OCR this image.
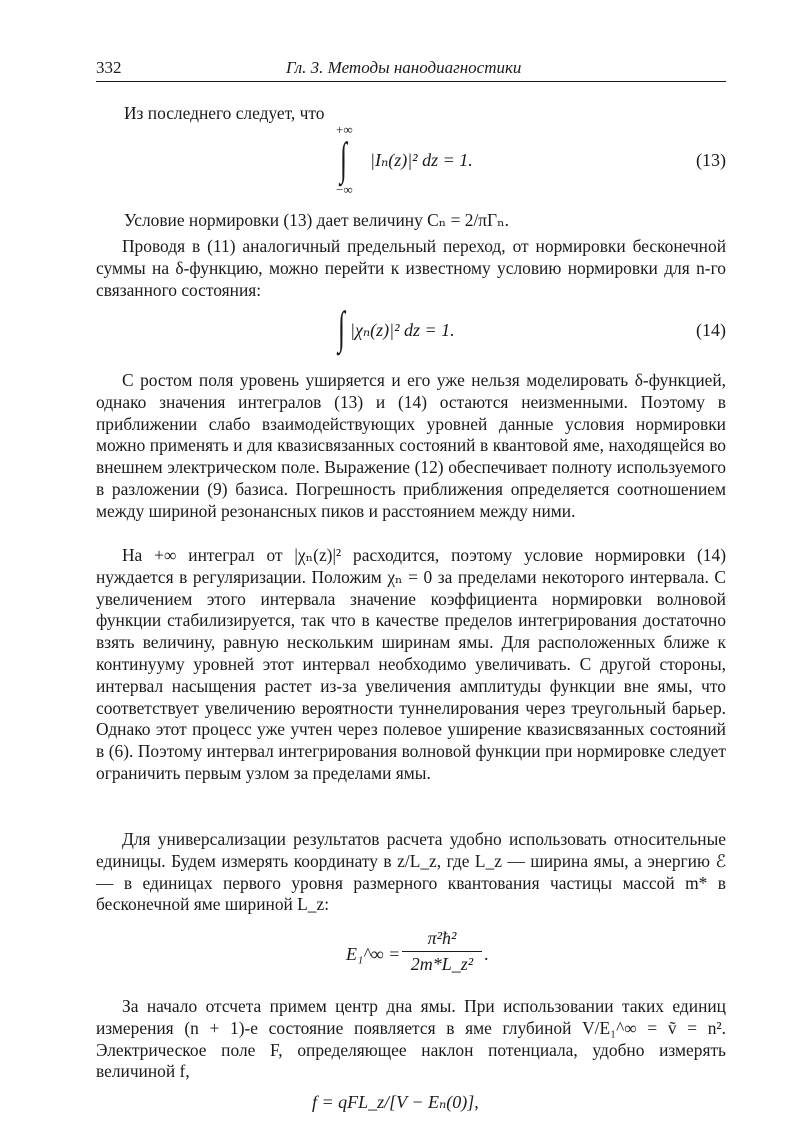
332	Гл. 3. Методы нанодиагностики

Из последнего следует, что

+∞
∫
−∞
|Iₙ(z)|² dz = 1.	(13)

Условие нормировки (13) дает величину Cₙ = 2/πΓₙ.

Проводя в (11) аналогичный предельный переход, от нормировки бесконечной суммы на δ-функцию, можно перейти к известному условию нормировки для n-го связанного состояния:

∫ |χₙ(z)|² dz = 1.	(14)

С ростом поля уровень уширяется и его уже нельзя моделировать δ-функцией, однако значения интегралов (13) и (14) остаются неизменными. Поэтому в приближении слабо взаимодействующих уровней данные условия нормировки можно применять и для квазисвязанных состояний в квантовой яме, находящейся во внешнем электрическом поле. Выражение (12) обеспечивает полноту используемого в разложении (9) базиса. Погрешность приближения определяется соотношением между шириной резонансных пиков и расстоянием между ними.

На +∞ интеграл от |χₙ(z)|² расходится, поэтому условие нормировки (14) нуждается в регуляризации. Положим χₙ = 0 за пределами некоторого интервала. С увеличением этого интервала значение коэффициента нормировки волновой функции стабилизируется, так что в качестве пределов интегрирования достаточно взять величину, равную нескольким ширинам ямы. Для расположенных ближе к континууму уровней этот интервал необходимо увеличивать. С другой стороны, интервал насыщения растет из-за увеличения амплитуды функции вне ямы, что соответствует увеличению вероятности туннелирования через треугольный барьер. Однако этот процесс уже учтен через полевое уширение квазисвязанных состояний в (6). Поэтому интервал интегрирования волновой функции при нормировке следует ограничить первым узлом за пределами ямы.

Для универсализации результатов расчета удобно использовать относительные единицы. Будем измерять координату в z/L_z, где L_z — ширина ямы, а энергию ℰ — в единицах первого уровня размерного квантования частицы массой m* в бесконечной яме шириной L_z:

E₁^∞ =
π²ħ²
2m*L_z² .

За начало отсчета примем центр дна ямы. При использовании таких единиц измерения (n + 1)-е состояние появляется в яме глубиной V/E₁^∞ = ṽ = n². Электрическое поле F, определяющее наклон потенциала, удобно измерять величиной f,

f = qFL_z/[V − Eₙ(0)],
